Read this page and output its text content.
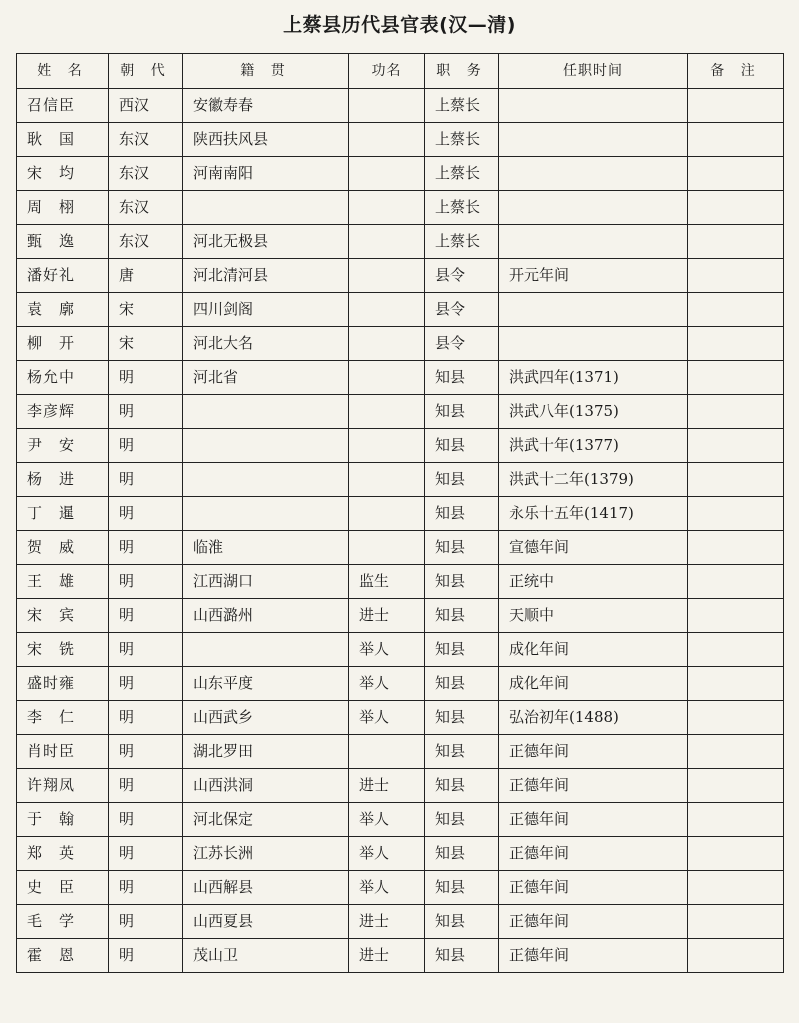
上蔡县历代县官表(汉—清)
姓 名	朝 代	籍 贯	功名	职 务	任职时间	备 注
召信臣	西汉	安徽寿春		上蔡长		
耿　国	东汉	陕西扶风县		上蔡长		
宋　均	东汉	河南南阳		上蔡长		
周　栩	东汉			上蔡长		
甄　逸	东汉	河北无极县		上蔡长		
潘好礼	唐	河北清河县		县令	开元年间	
袁　廓	宋	四川剑阁		县令		
柳　开	宋	河北大名		县令		
杨允中	明	河北省		知县	洪武四年(1371)	
李彦辉	明			知县	洪武八年(1375)	
尹　安	明			知县	洪武十年(1377)	
杨　进	明			知县	洪武十二年(1379)	
丁　暹	明			知县	永乐十五年(1417)	
贺　威	明	临淮		知县	宣德年间	
王　雄	明	江西湖口	监生	知县	正统中	
宋　宾	明	山西潞州	进士	知县	天顺中	
宋　铣	明		举人	知县	成化年间	
盛时雍	明	山东平度	举人	知县	成化年间	
李　仁	明	山西武乡	举人	知县	弘治初年(1488)	
肖时臣	明	湖北罗田		知县	正德年间	
许翔凤	明	山西洪洞	进士	知县	正德年间	
于　翰	明	河北保定	举人	知县	正德年间	
郑　英	明	江苏长洲	举人	知县	正德年间	
史　臣	明	山西解县	举人	知县	正德年间	
毛　学	明	山西夏县	进士	知县	正德年间	
霍　恩	明	茂山卫	进士	知县	正德年间	
